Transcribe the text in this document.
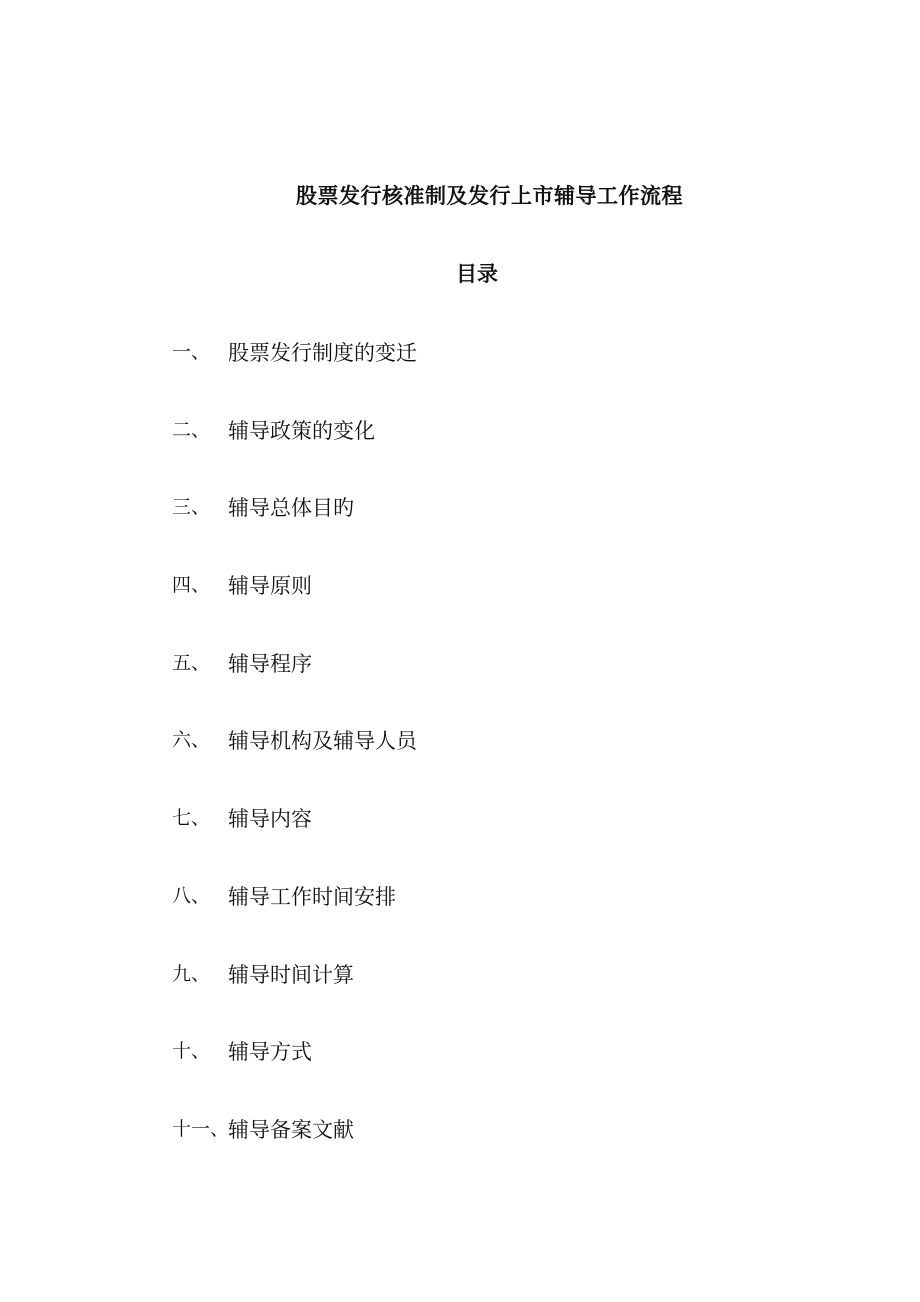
股票发行核准制及发行上市辅导工作流程
目录
一、 股票发行制度的变迁
二、 辅导政策的变化
三、 辅导总体目旳
四、 辅导原则
五、 辅导程序
六、 辅导机构及辅导人员
七、 辅导内容
八、 辅导工作时间安排
九、 辅导时间计算
十、 辅导方式
十一、
辅导备案文献
